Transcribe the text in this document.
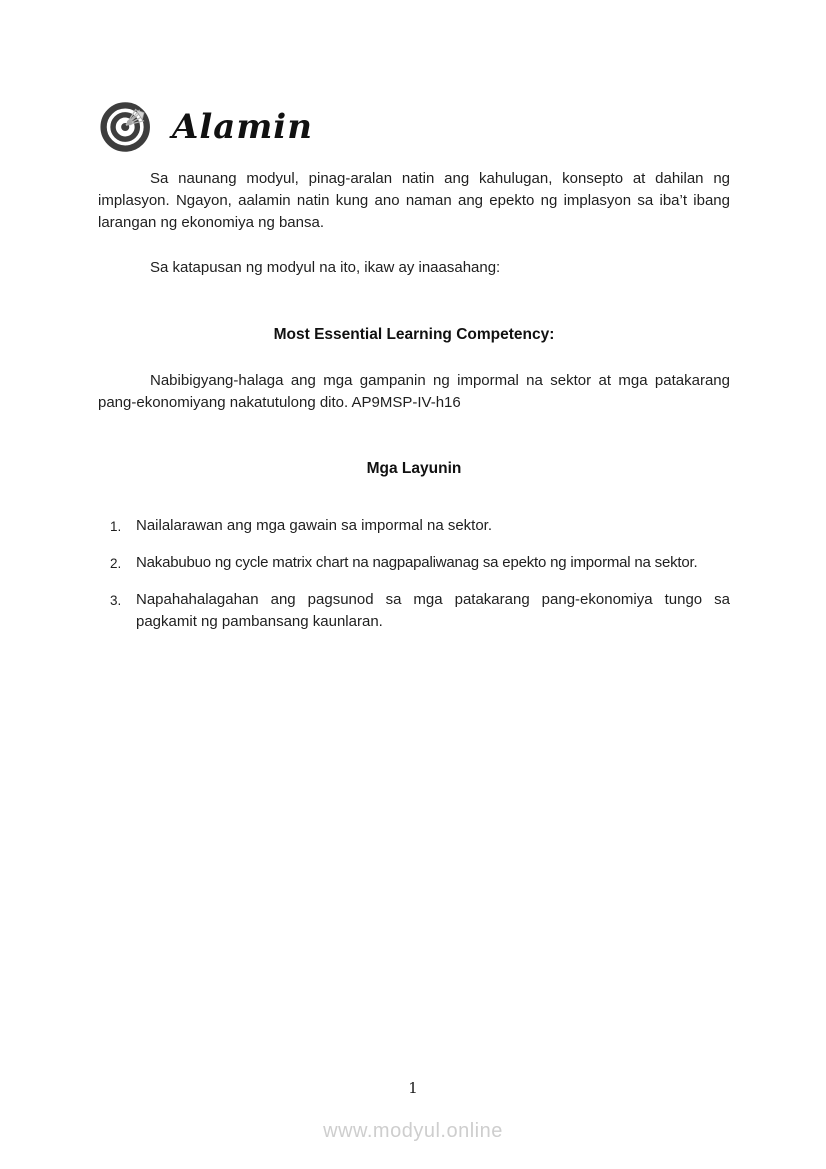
Alamin

Sa naunang modyul, pinag-aralan natin ang kahulugan, konsepto at dahilan ng implasyon. Ngayon, aalamin natin kung ano naman ang epekto ng implasyon sa iba’t ibang larangan ng ekonomiya ng bansa.

Sa katapusan ng modyul na ito, ikaw ay inaasahang:

Most Essential Learning Competency:

Nabibigyang-halaga ang mga gampanin ng impormal na sektor at mga patakarang pang-ekonomiyang nakatutulong dito. AP9MSP-IV-h16

Mga Layunin
1. Nailalarawan ang mga gawain sa impormal na sektor.
2. Nakabubuo ng cycle matrix chart na nagpapaliwanag sa epekto ng impormal na sektor.
3. Napahahalagahan ang pagsunod sa mga patakarang pang-ekonomiya tungo sa pagkamit ng pambansang kaunlaran.
1
www.modyul.online
